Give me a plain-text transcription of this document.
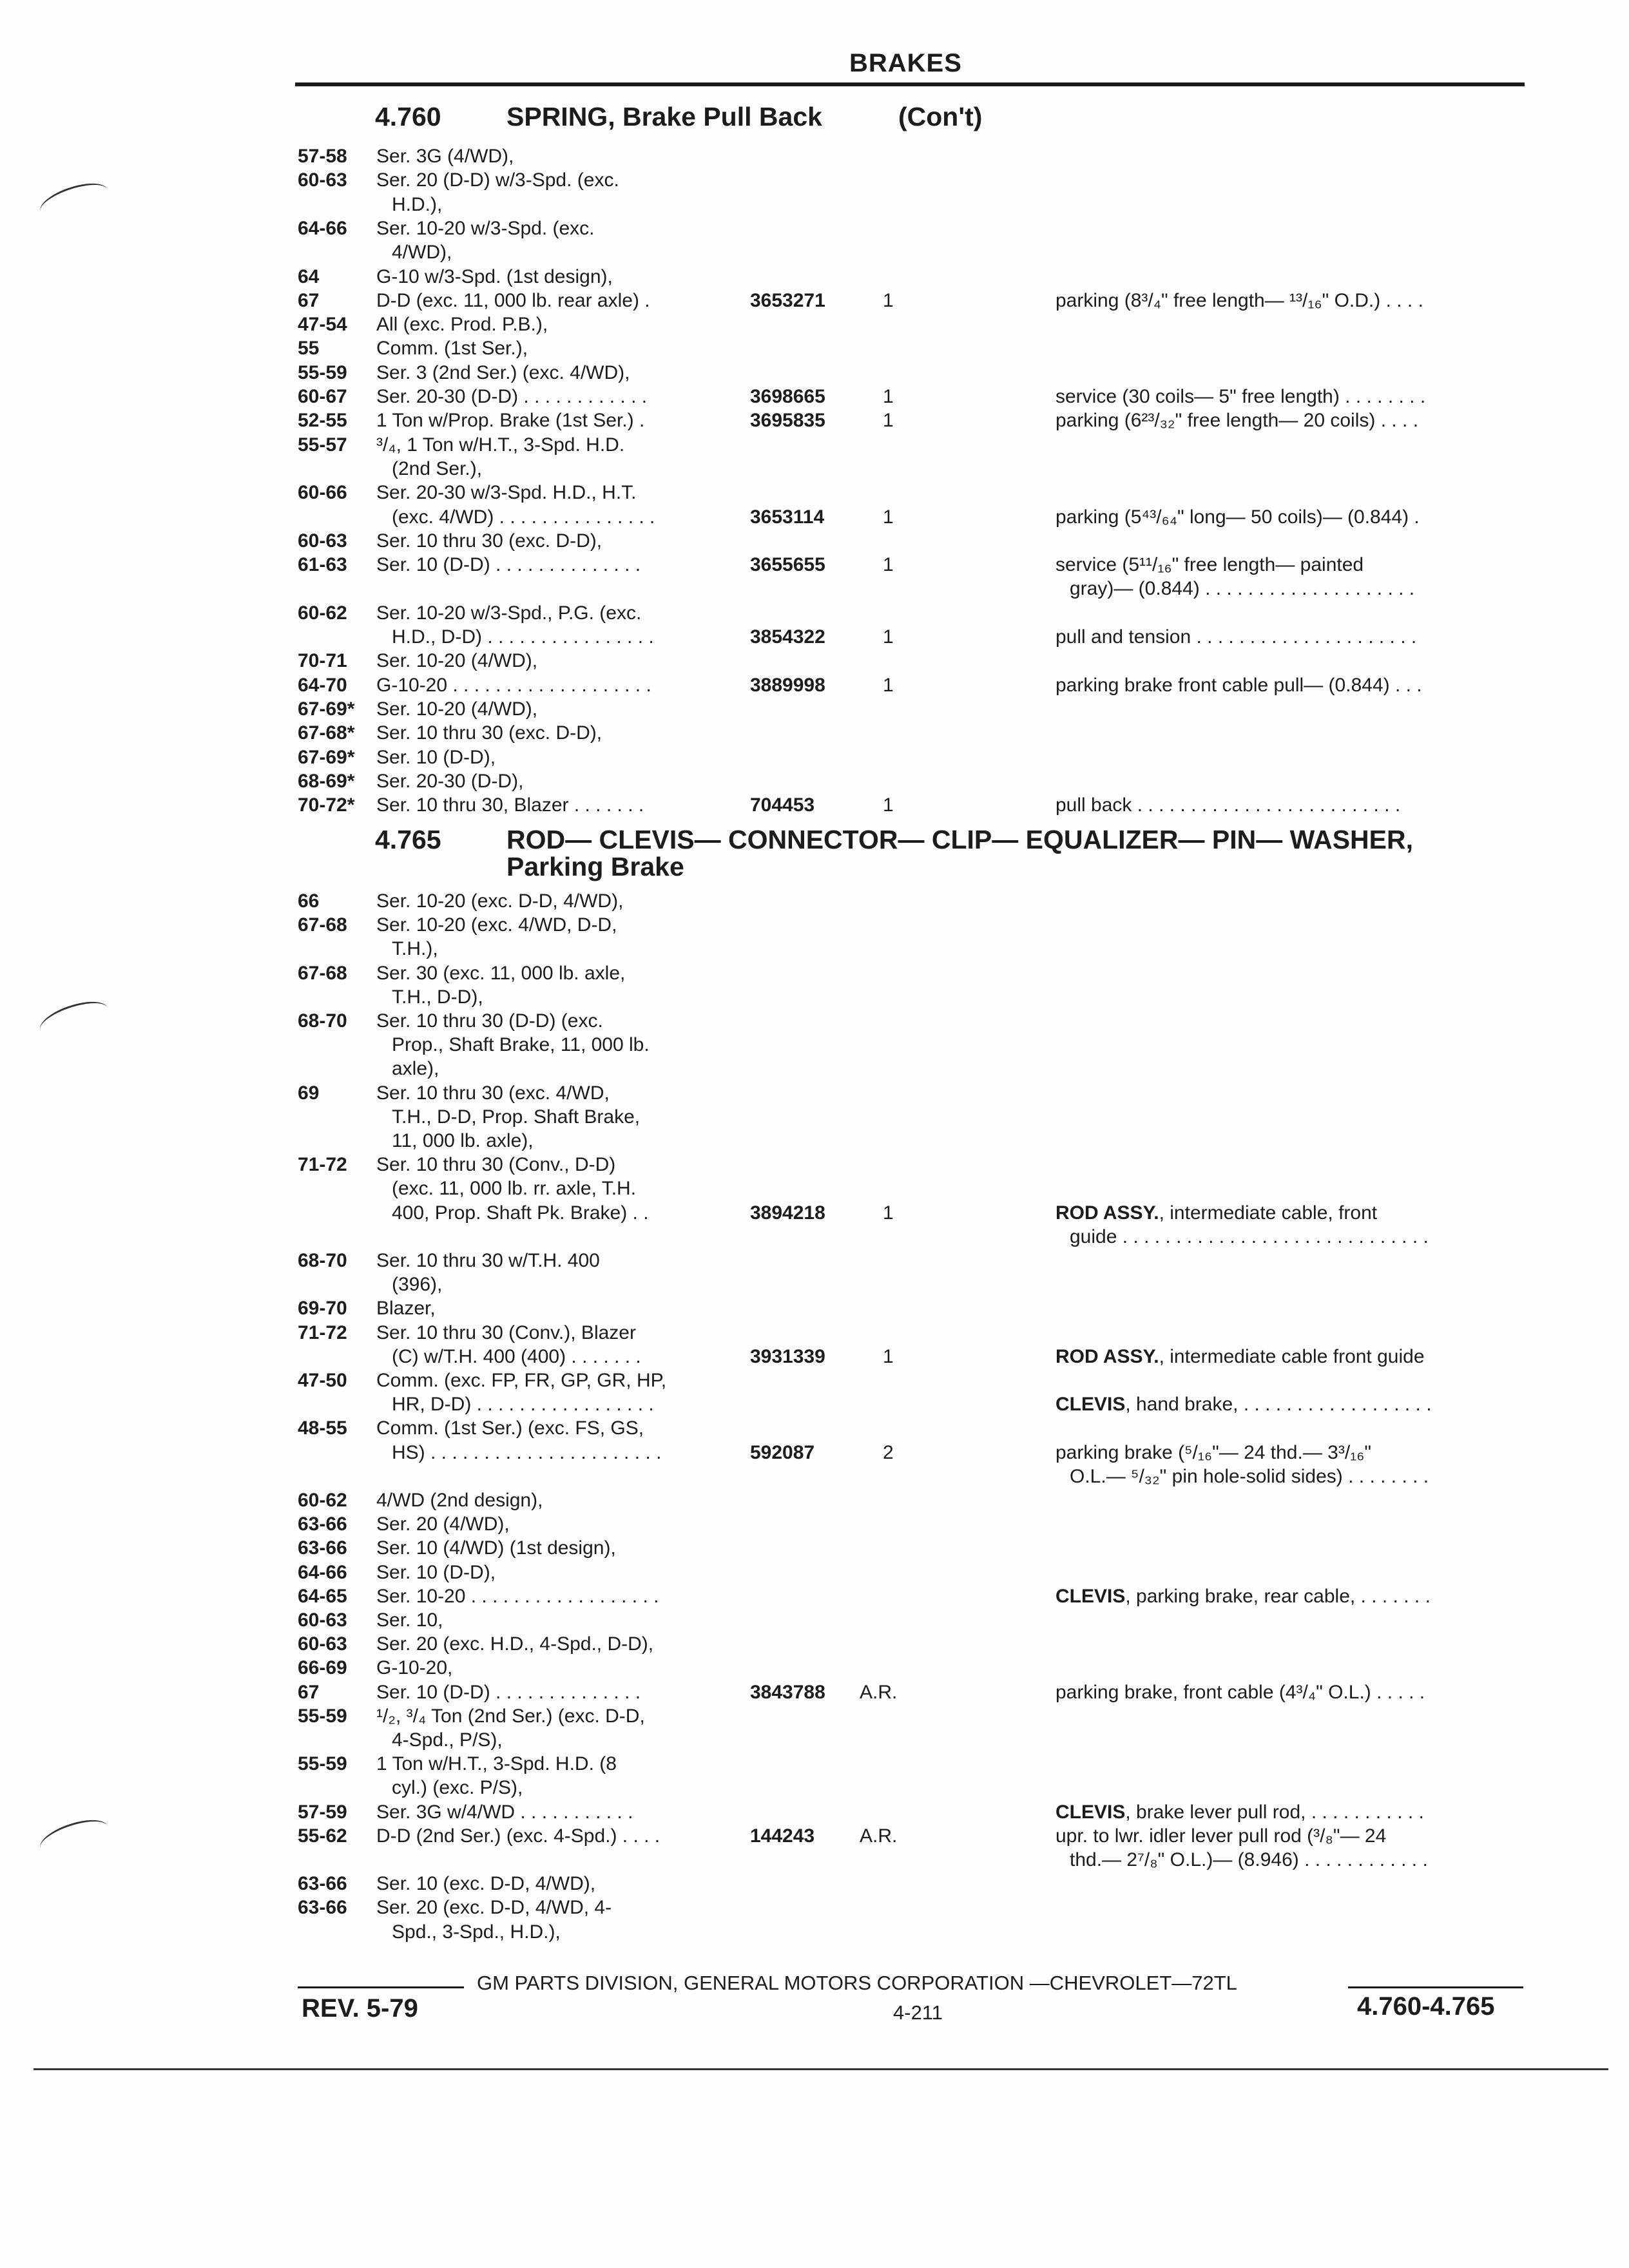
BRAKES
4.760 SPRING, Brake Pull Back	(Con't)
57-58 Ser. 3G (4/WD),
60-63 Ser. 20 (D-D) w/3-Spd. (exc.
H.D.),
64-66 Ser. 10-20 w/3-Spd. (exc.
4/WD),
64	G-10 w/3-Spd. (1st design),
67	D-D (exc. 11, 000 lb. rear axle) .	3653271	1	parking (8³/₄" free length— ¹³/₁₆" O.D.) . . . .
47-54 All (exc. Prod. P.B.),
55	Comm. (1st Ser.),
55-59 Ser. 3 (2nd Ser.) (exc. 4/WD),
60-67 Ser. 20-30 (D-D) . . . . . . . . . . . .	3698665	1	service (30 coils— 5" free length) . . . . . . . .
52-55 1 Ton w/Prop. Brake (1st Ser.) .	3695835	1	parking (6²³/₃₂" free length— 20 coils) . . . .
55-57 ³/₄, 1 Ton w/H.T., 3-Spd. H.D.
(2nd Ser.),
60-66 Ser. 20-30 w/3-Spd. H.D., H.T.
(exc. 4/WD) . . . . . . . . . . . . . . .	3653114	1	parking (5⁴³/₆₄" long— 50 coils)— (0.844) .
60-63 Ser. 10 thru 30 (exc. D-D),
61-63 Ser. 10 (D-D) . . . . . . . . . . . . . .	3655655	1	service (5¹¹/₁₆" free length— painted
gray)— (0.844) . . . . . . . . . . . . . . . . . . . .
60-62 Ser. 10-20 w/3-Spd., P.G. (exc.
H.D., D-D) . . . . . . . . . . . . . . . .	3854322	1	pull and tension . . . . . . . . . . . . . . . . . . . . .
70-71 Ser. 10-20 (4/WD),
64-70 G-10-20 . . . . . . . . . . . . . . . . . . .	3889998	1	parking brake front cable pull— (0.844) . . .
67-69* Ser. 10-20 (4/WD),
67-68* Ser. 10 thru 30 (exc. D-D),
67-69* Ser. 10 (D-D),
68-69* Ser. 20-30 (D-D),
70-72* Ser. 10 thru 30, Blazer . . . . . . .	704453	1	pull back . . . . . . . . . . . . . . . . . . . . . . . . .
4.765 ROD— CLEVIS— CONNECTOR— CLIP— EQUALIZER— PIN— WASHER,
Parking Brake
66	Ser. 10-20 (exc. D-D, 4/WD),
67-68 Ser. 10-20 (exc. 4/WD, D-D,
T.H.),
67-68 Ser. 30 (exc. 11, 000 lb. axle,
T.H., D-D),
68-70 Ser. 10 thru 30 (D-D) (exc.
Prop., Shaft Brake, 11, 000 lb.
axle),
69	Ser. 10 thru 30 (exc. 4/WD,
T.H., D-D, Prop. Shaft Brake,
11, 000 lb. axle),
71-72 Ser. 10 thru 30 (Conv., D-D)
(exc. 11, 000 lb. rr. axle, T.H.
400, Prop. Shaft Pk. Brake) . .	3894218	1	ROD ASSY., intermediate cable, front
guide . . . . . . . . . . . . . . . . . . . . . . . . . . . . .
68-70 Ser. 10 thru 30 w/T.H. 400
(396),
69-70 Blazer,
71-72 Ser. 10 thru 30 (Conv.), Blazer
(C) w/T.H. 400 (400) . . . . . . .	3931339	1	ROD ASSY., intermediate cable front guide
47-50 Comm. (exc. FP, FR, GP, GR, HP,
HR, D-D) . . . . . . . . . . . . . . . . .	CLEVIS, hand brake, . . . . . . . . . . . . . . . . . .
48-55 Comm. (1st Ser.) (exc. FS, GS,
HS) . . . . . . . . . . . . . . . . . . . . . .	592087	2	parking brake (⁵/₁₆"— 24 thd.— 3³/₁₆"
O.L.— ⁵/₃₂" pin hole-solid sides) . . . . . . . .
60-62 4/WD (2nd design),
63-66 Ser. 20 (4/WD),
63-66 Ser. 10 (4/WD) (1st design),
64-66 Ser. 10 (D-D),
64-65 Ser. 10-20 . . . . . . . . . . . . . . . . . .	CLEVIS, parking brake, rear cable, . . . . . . .
60-63 Ser. 10,
60-63 Ser. 20 (exc. H.D., 4-Spd., D-D),
66-69 G-10-20,
67	Ser. 10 (D-D) . . . . . . . . . . . . . .	3843788 A.R.	parking brake, front cable (4³/₄" O.L.) . . . . .
55-59 ¹/₂, ³/₄ Ton (2nd Ser.) (exc. D-D,
4-Spd., P/S),
55-59 1 Ton w/H.T., 3-Spd. H.D. (8
cyl.) (exc. P/S),
57-59 Ser. 3G w/4/WD . . . . . . . . . . .	CLEVIS, brake lever pull rod, . . . . . . . . . . .
55-62 D-D (2nd Ser.) (exc. 4-Spd.) . . . .	144243 A.R.	upr. to lwr. idler lever pull rod (³/₈"— 24
thd.— 2⁷/₈" O.L.)— (8.946) . . . . . . . . . . . .
63-66 Ser. 10 (exc. D-D, 4/WD),
63-66 Ser. 20 (exc. D-D, 4/WD, 4-
Spd., 3-Spd., H.D.),
GM PARTS DIVISION, GENERAL MOTORS CORPORATION —CHEVROLET—72TL
REV. 5-79	4-211	4.760-4.765
